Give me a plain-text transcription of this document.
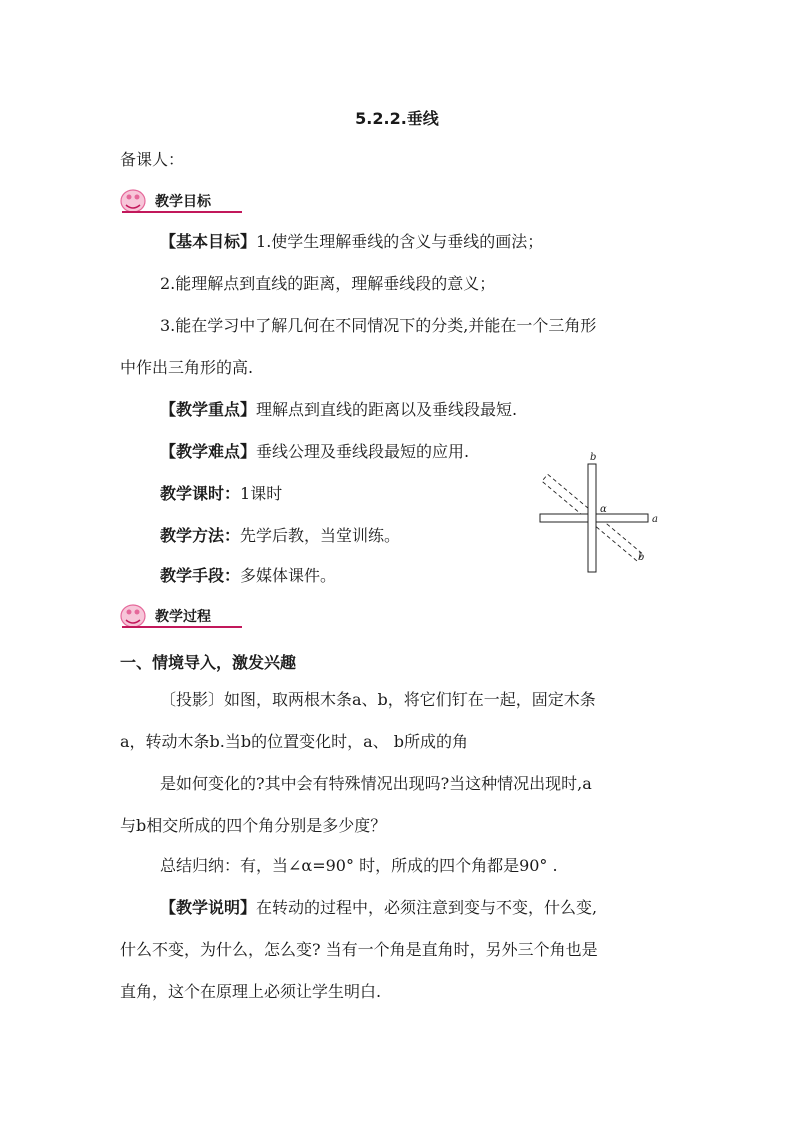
5.2.2.垂线
备课人：
教学目标
【基本目标】1.使学生理解垂线的含义与垂线的画法；
2.能理解点到直线的距离，理解垂线段的意义；
3.能在学习中了解几何在不同情况下的分类,并能在一个三角形
中作出三角形的高.
【教学重点】理解点到直线的距离以及垂线段最短.
【教学难点】垂线公理及垂线段最短的应用.
教学课时：1课时
教学方法：先学后教，当堂训练。
教学手段：多媒体课件。
b
α
a
b
教学过程
一、情境导入，激发兴趣
〔投影〕如图，取两根木条a、b，将它们钉在一起，固定木条
a，转动木条b.当b的位置变化时，a、 b所成的角
是如何变化的?其中会有特殊情况出现吗?当这种情况出现时,a
与b相交所成的四个角分别是多少度？
总结归纳：有，当∠α=90° 时，所成的四个角都是90° .
【教学说明】在转动的过程中，必须注意到变与不变，什么变,
什么不变，为什么，怎么变? 当有一个角是直角时，另外三个角也是
直角，这个在原理上必须让学生明白.
